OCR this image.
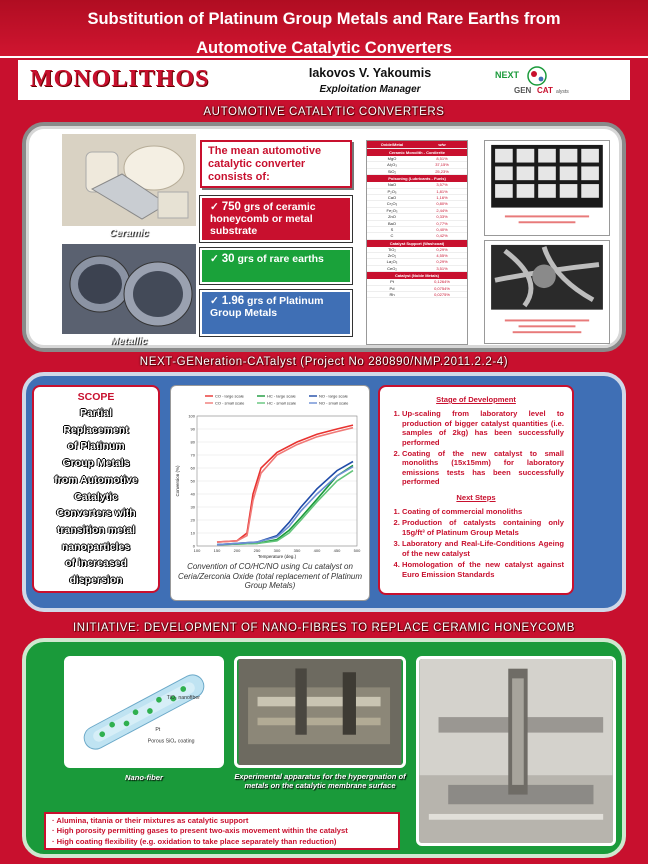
Substitution of Platinum Group Metals and Rare Earths from
Automotive Catalytic Converters
MONOLITHOS	Iakovos V. Yakoumis
Exploitation Manager
NEXT
GEN CAT alysts
AUTOMOTIVE CATALYTIC CONVERTERS
Ceramic
Metallic
The mean automotive catalytic converter consists of:
✓ 750 grs of ceramic honeycomb or metal substrate
✓ 30 grs of rare earths
✓ 1.96 grs of Platinum Group Metals
Oxide/Metal	w/w
Ceramic Monolith - Cordierite
MgO	8,51%
Al₂O₃	37,15%
SiO₂	25,23%
Poisoning (Lubricants - Fuels)
NaO	3,57%
P₂O₅	1,81%
CaO	1,16%
Cr₂O₃	0,80%
Fe₂O₃	2,44%
ZnO	0,33%
BaO	0,77%
S	0,40%
C	0,42%
Catalyst Support (Washcoat)
TiO₂	0,29%
ZrO₂	4,55%
La₂O₃	0,29%
CeO₂	3,51%
Catalyst (Noble Metals)
Pt	0,1264%
Pd	0,0754%
Rh	0,0275%
NEXT-GENeration-CATalyst (Project No 280890/NMP.2011.2.2-4)
SCOPE
Partial
Replacement
of Platinum
Group Metals
from Automotive
Catalytic
Converters with
transition metal
nanoparticles
of increased
dispersion
0
10
20
30
40
50
60
70
80
90
100
100	150	200	250	300	350	400	450	500
Temperature (deg.)
Conversion (%)
CO - large scale
CO - small scale
HC - large scale
HC - small scale
NO - large scale
NO - small scale
Convention of CO/HC/NO using Cu catalyst on Ceria/Zerconia Oxide (total replacement of Platinum Group Metals)
Stage of Development
1. Up-scaling from laboratory level to production of bigger catalyst quantities (i.e. samples of 2kg) has been successfully performed
2. Coating of the new catalyst to small monoliths (15x15mm) for laboratory emissions tests has been successfully performed
Next Steps
1. Coating of commercial monoliths
2. Production of catalysts containing only 15g/ft³ of Platinum Group Metals
3. Laboratory and Real-Life-Conditions Ageing of the new catalyst
4. Homologation of the new catalyst against Euro Emission Standards
INITIATIVE: DEVELOPMENT OF NANO-FIBRES TO REPLACE CERAMIC HONEYCOMB
TiO₂ nanofiber
Pt
Porous SiO₂ coating
Nano-fiber	Experimental apparatus for the hypergnation of metals on the catalytic membrane surface
· Alumina, titania or their mixtures as catalytic support
· High porosity permitting gases to present two-axis movement within the catalyst
· High coating flexibility (e.g. oxidation to take place separately than reduction)
